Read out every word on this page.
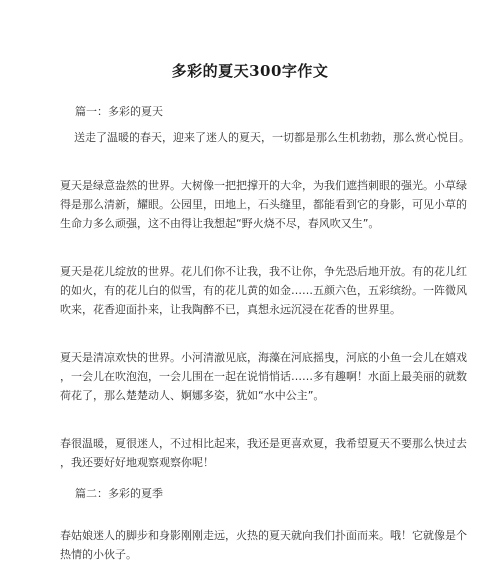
多彩的夏天300字作文
篇一：多彩的夏天

送走了温暖的春天，迎来了迷人的夏天，一切都是那么生机勃勃，那么赏心悦目。

夏天是绿意盎然的世界。大树像一把把撑开的大伞，为我们遮挡刺眼的强光。小草绿
得是那么清新，耀眼。公园里，田地上，石头缝里，都能看到它的身影，可见小草的
生命力多么顽强，这不由得让我想起“野火烧不尽，春风吹又生”。

夏天是花儿绽放的世界。花儿们你不让我，我不让你，争先恐后地开放。有的花儿红
的如火，有的花儿白的似雪，有的花儿黄的如金……五颜六色，五彩缤纷。一阵微风
吹来，花香迎面扑来，让我陶醉不已，真想永远沉浸在花香的世界里。

夏天是清凉欢快的世界。小河清澈见底，海藻在河底摇曳，河底的小鱼一会儿在嬉戏
，一会儿在吹泡泡，一会儿围在一起在说悄悄话……多有趣啊！水面上最美丽的就数
荷花了，那么楚楚动人、婀娜多姿，犹如“水中公主”。

春很温暖，夏很迷人，不过相比起来，我还是更喜欢夏，我希望夏天不要那么快过去
，我还要好好地观察观察你呢！

篇二：多彩的夏季

春姑娘迷人的脚步和身影刚刚走远，火热的夏天就向我们扑面而来。哦！它就像是个
热情的小伙子。
